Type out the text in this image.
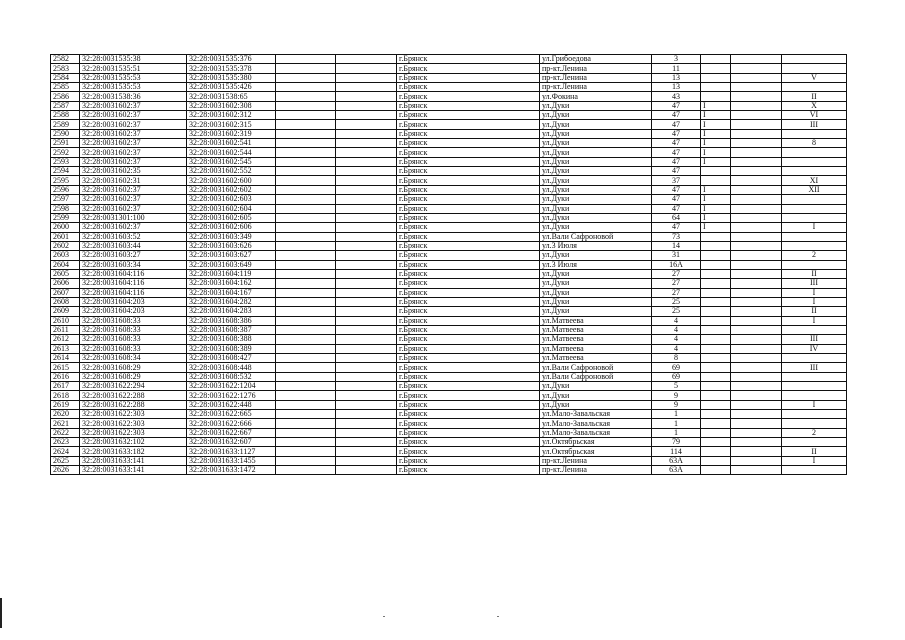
2582	32:28:0031535:38	32:28:0031535:376			г.Брянск	ул.Грибоедова	3			
2583	32:28:0031535:51	32:28:0031535:378			г.Брянск	пр-кт.Ленина	11			
2584	32:28:0031535:53	32:28:0031535:380			г.Брянск	пр-кт.Ленина	13			V
2585	32:28:0031535:53	32:28:0031535:426			г.Брянск	пр-кт.Ленина	13			
2586	32:28:0031538:36	32:28:0031538:65			г.Брянск	ул.Фокина	43			II
2587	32:28:0031602:37	32:28:0031602:308			г.Брянск	ул.Дуки	47	I		X
2588	32:28:0031602:37	32:28:0031602:312			г.Брянск	ул.Дуки	47	I		VI
2589	32:28:0031602:37	32:28:0031602:315			г.Брянск	ул.Дуки	47	I		III
2590	32:28:0031602:37	32:28:0031602:319			г.Брянск	ул.Дуки	47	I		
2591	32:28:0031602:37	32:28:0031602:541			г.Брянск	ул.Дуки	47	I		8
2592	32:28:0031602:37	32:28:0031602:544			г.Брянск	ул.Дуки	47	I		
2593	32:28:0031602:37	32:28:0031602:545			г.Брянск	ул.Дуки	47	I		
2594	32:28:0031602:35	32:28:0031602:552			г.Брянск	ул.Дуки	47			
2595	32:28:0031602:31	32:28:0031602:600			г.Брянск	ул.Дуки	37			XI
2596	32:28:0031602:37	32:28:0031602:602			г.Брянск	ул.Дуки	47	I		XII
2597	32:28:0031602:37	32:28:0031602:603			г.Брянск	ул.Дуки	47	I		
2598	32:28:0031602:37	32:28:0031602:604			г.Брянск	ул.Дуки	47	I		
2599	32:28:0031301:100	32:28:0031602:605			г.Брянск	ул.Дуки	64	I		
2600	32:28:0031602:37	32:28:0031602:606			г.Брянск	ул.Дуки	47	I		I
2601	32:28:0031603:52	32:28:0031603:349			г.Брянск	ул.Вали Сафроновой	73			
2602	32:28:0031603:44	32:28:0031603:626			г.Брянск	ул.3 Июля	14			
2603	32:28:0031603:27	32:28:0031603:627			г.Брянск	ул.Дуки	31			2
2604	32:28:0031603:34	32:28:0031603:649			г.Брянск	ул.3 Июля	16А			
2605	32:28:0031604:116	32:28:0031604:119			г.Брянск	ул.Дуки	27			II
2606	32:28:0031604:116	32:28:0031604:162			г.Брянск	ул.Дуки	27			III
2607	32:28:0031604:116	32:28:0031604:167			г.Брянск	ул.Дуки	27			I
2608	32:28:0031604:203	32:28:0031604:282			г.Брянск	ул.Дуки	25			I
2609	32:28:0031604:203	32:28:0031604:283			г.Брянск	ул.Дуки	25			II
2610	32:28:0031608:33	32:28:0031608:386			г.Брянск	ул.Матвеева	4			I
2611	32:28:0031608:33	32:28:0031608:387			г.Брянск	ул.Матвеева	4			
2612	32:28:0031608:33	32:28:0031608:388			г.Брянск	ул.Матвеева	4			III
2613	32:28:0031608:33	32:28:0031608:389			г.Брянск	ул.Матвеева	4			IV
2614	32:28:0031608:34	32:28:0031608:427			г.Брянск	ул.Матвеева	8			
2615	32:28:0031608:29	32:28:0031608:448			г.Брянск	ул.Вали Сафроновой	69			III
2616	32:28:0031608:29	32:28:0031608:532			г.Брянск	ул.Вали Сафроновой	69			
2617	32:28:0031622:294	32:28:0031622:1204			г.Брянск	ул.Дуки	5			
2618	32:28:0031622:288	32:28:0031622:1276			г.Брянск	ул.Дуки	9			
2619	32:28:0031622:288	32:28:0031622:448			г.Брянск	ул.Дуки	9			I
2620	32:28:0031622:303	32:28:0031622:665			г.Брянск	ул.Мало-Завальская	1			
2621	32:28:0031622:303	32:28:0031622:666			г.Брянск	ул.Мало-Завальская	1			
2622	32:28:0031622:303	32:28:0031622:667			г.Брянск	ул.Мало-Завальская	1			2
2623	32:28:0031632:102	32:28:0031632:607			г.Брянск	ул.Октябрьская	79			
2624	32:28:0031633:182	32:28:0031633:1127			г.Брянск	ул.Октябрьская	114			II
2625	32:28:0031633:141	32:28:0031633:1455			г.Брянск	пр-кт.Ленина	63А			I
2626	32:28:0031633:141	32:28:0031633:1472			г.Брянск	пр-кт.Ленина	63А			
